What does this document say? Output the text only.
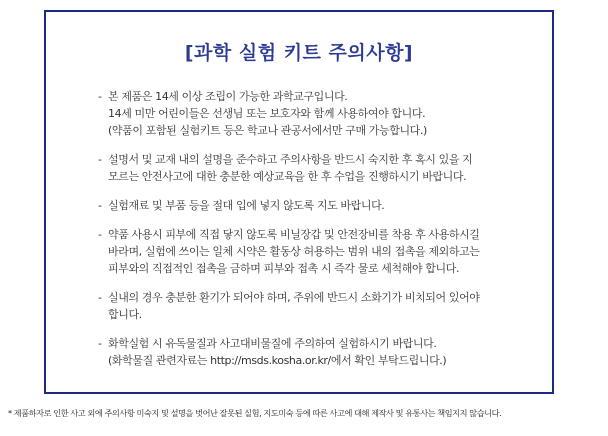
[과학 실험 키트 주의사항]
- 본 제품은 14세 이상 조립이 가능한 과학교구입니다.
14세 미만 어린이들은 선생님 또는 보호자와 함께 사용하여야 합니다.
(약품이 포함된 실험키트 등은 학교나 관공서에서만 구매 가능합니다.)
- 설명서 및 교재 내의 설명을 준수하고 주의사항을 반드시 숙지한 후 혹시 있을 지
모르는 안전사고에 대한 충분한 예상교육을 한 후 수업을 진행하시기 바랍니다.
- 실험재료 및 부품 등을 절대 입에 넣지 않도록 지도 바랍니다.
- 약품 사용시 피부에 직접 닿지 않도록 비닐장갑 및 안전장비를 착용 후 사용하시길
바라며, 실험에 쓰이는 일체 시약은 활동상 허용하는 범위 내의 접촉을 제외하고는
피부와의 직접적인 접촉을 금하며 피부와 접촉 시 즉각 물로 세척해야 합니다.
- 실내의 경우 충분한 환기가 되어야 하며, 주위에 반드시 소화기가 비치되어 있어야
합니다.
- 화학실험 시 유독물질과 사고대비물질에 주의하여 실험하시기 바랍니다.
(화학물질 관련자료는 http://msds.kosha.or.kr/에서 확인 부탁드립니다.)
* 제품하자로 인한 사고 외에 주의사항 미숙지 및 설명을 벗어난 잘못된 실험, 지도미숙 등에 따른 사고에 대해 제작사 및 유통사는 책임지지 않습니다.
